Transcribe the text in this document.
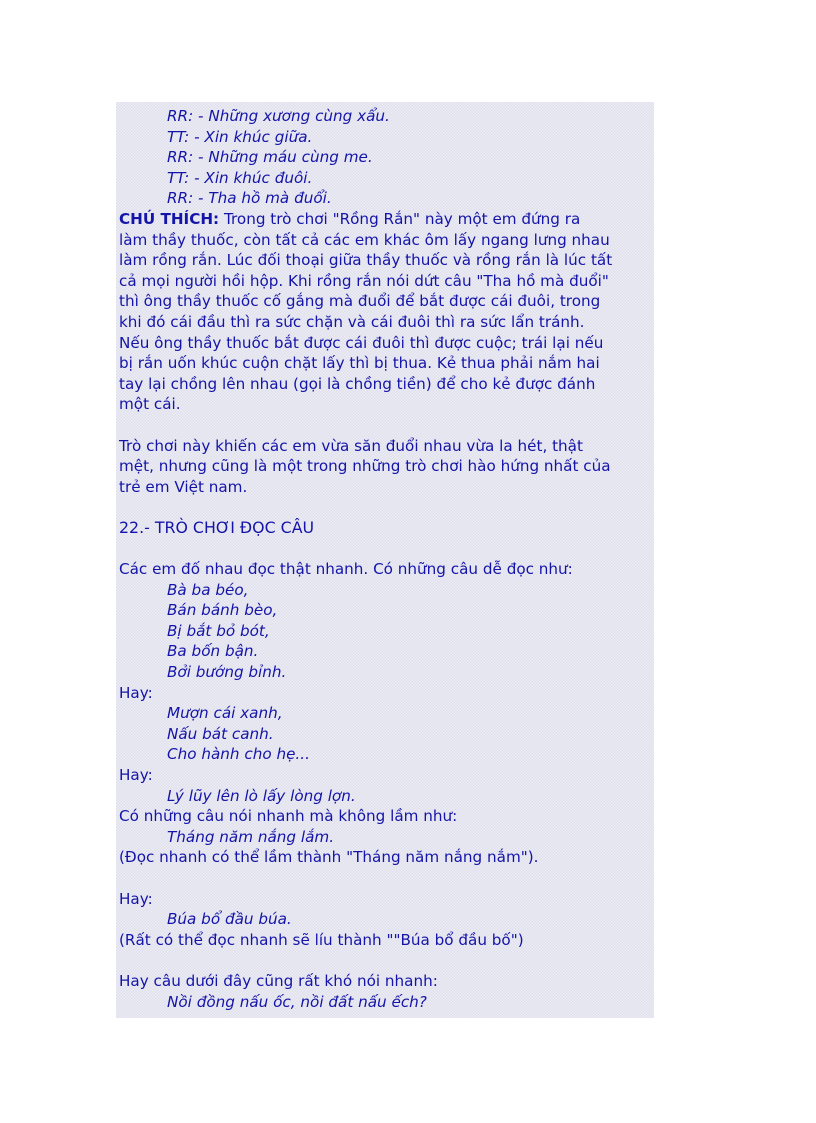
RR: - Những xương cùng xẩu.
TT: - Xin khúc giữa.
RR: - Những máu cùng me.
TT: - Xin khúc đuôi.
RR: - Tha hồ mà đuổi.
CHÚ THÍCH: Trong trò chơi "Rồng Rắn" này một em đứng ra
làm thầy thuốc, còn tất cả các em khác ôm lấy ngang lưng nhau
làm rồng rắn. Lúc đối thoại giữa thầy thuốc và rồng rắn là lúc tất
cả mọi người hồi hộp. Khi rồng rắn nói dứt câu "Tha hồ mà đuổi"
thì ông thầy thuốc cố gắng mà đuổi để bắt được cái đuôi, trong
khi đó cái đầu thì ra sức chặn và cái đuôi thì ra sức lẩn tránh.
Nếu ông thầy thuốc bắt được cái đuôi thì được cuộc; trái lại nếu
bị rắn uốn khúc cuộn chặt lấy thì bị thua. Kẻ thua phải nắm hai
tay lại chồng lên nhau (gọi là chồng tiền) để cho kẻ được đánh
một cái.
Trò chơi này khiến các em vừa săn đuổi nhau vừa la hét, thật
mệt, nhưng cũng là một trong những trò chơi hào hứng nhất của
trẻ em Việt nam.
22.- TRÒ CHƠI ĐỌC CÂU
Các em đố nhau đọc thật nhanh. Có những câu dễ đọc như:
Bà ba béo,
Bán bánh bèo,
Bị bắt bỏ bót,
Ba bốn bận.
Bởi bướng bỉnh.
Hay:
Mượn cái xanh,
Nấu bát canh.
Cho hành cho hẹ...
Hay:
Lý lũy lên lò lấy lòng lợn.
Có những câu nói nhanh mà không lầm như:
Tháng năm nắng lắm.
(Đọc nhanh có thể lầm thành "Tháng năm nắng nắm").
Hay:
Búa bổ đầu búa.
(Rất có thể đọc nhanh sẽ líu thành ""Búa bổ đầu bố")
Hay câu dưới đây cũng rất khó nói nhanh:
Nồi đồng nấu ốc, nồi đất nấu ếch?
